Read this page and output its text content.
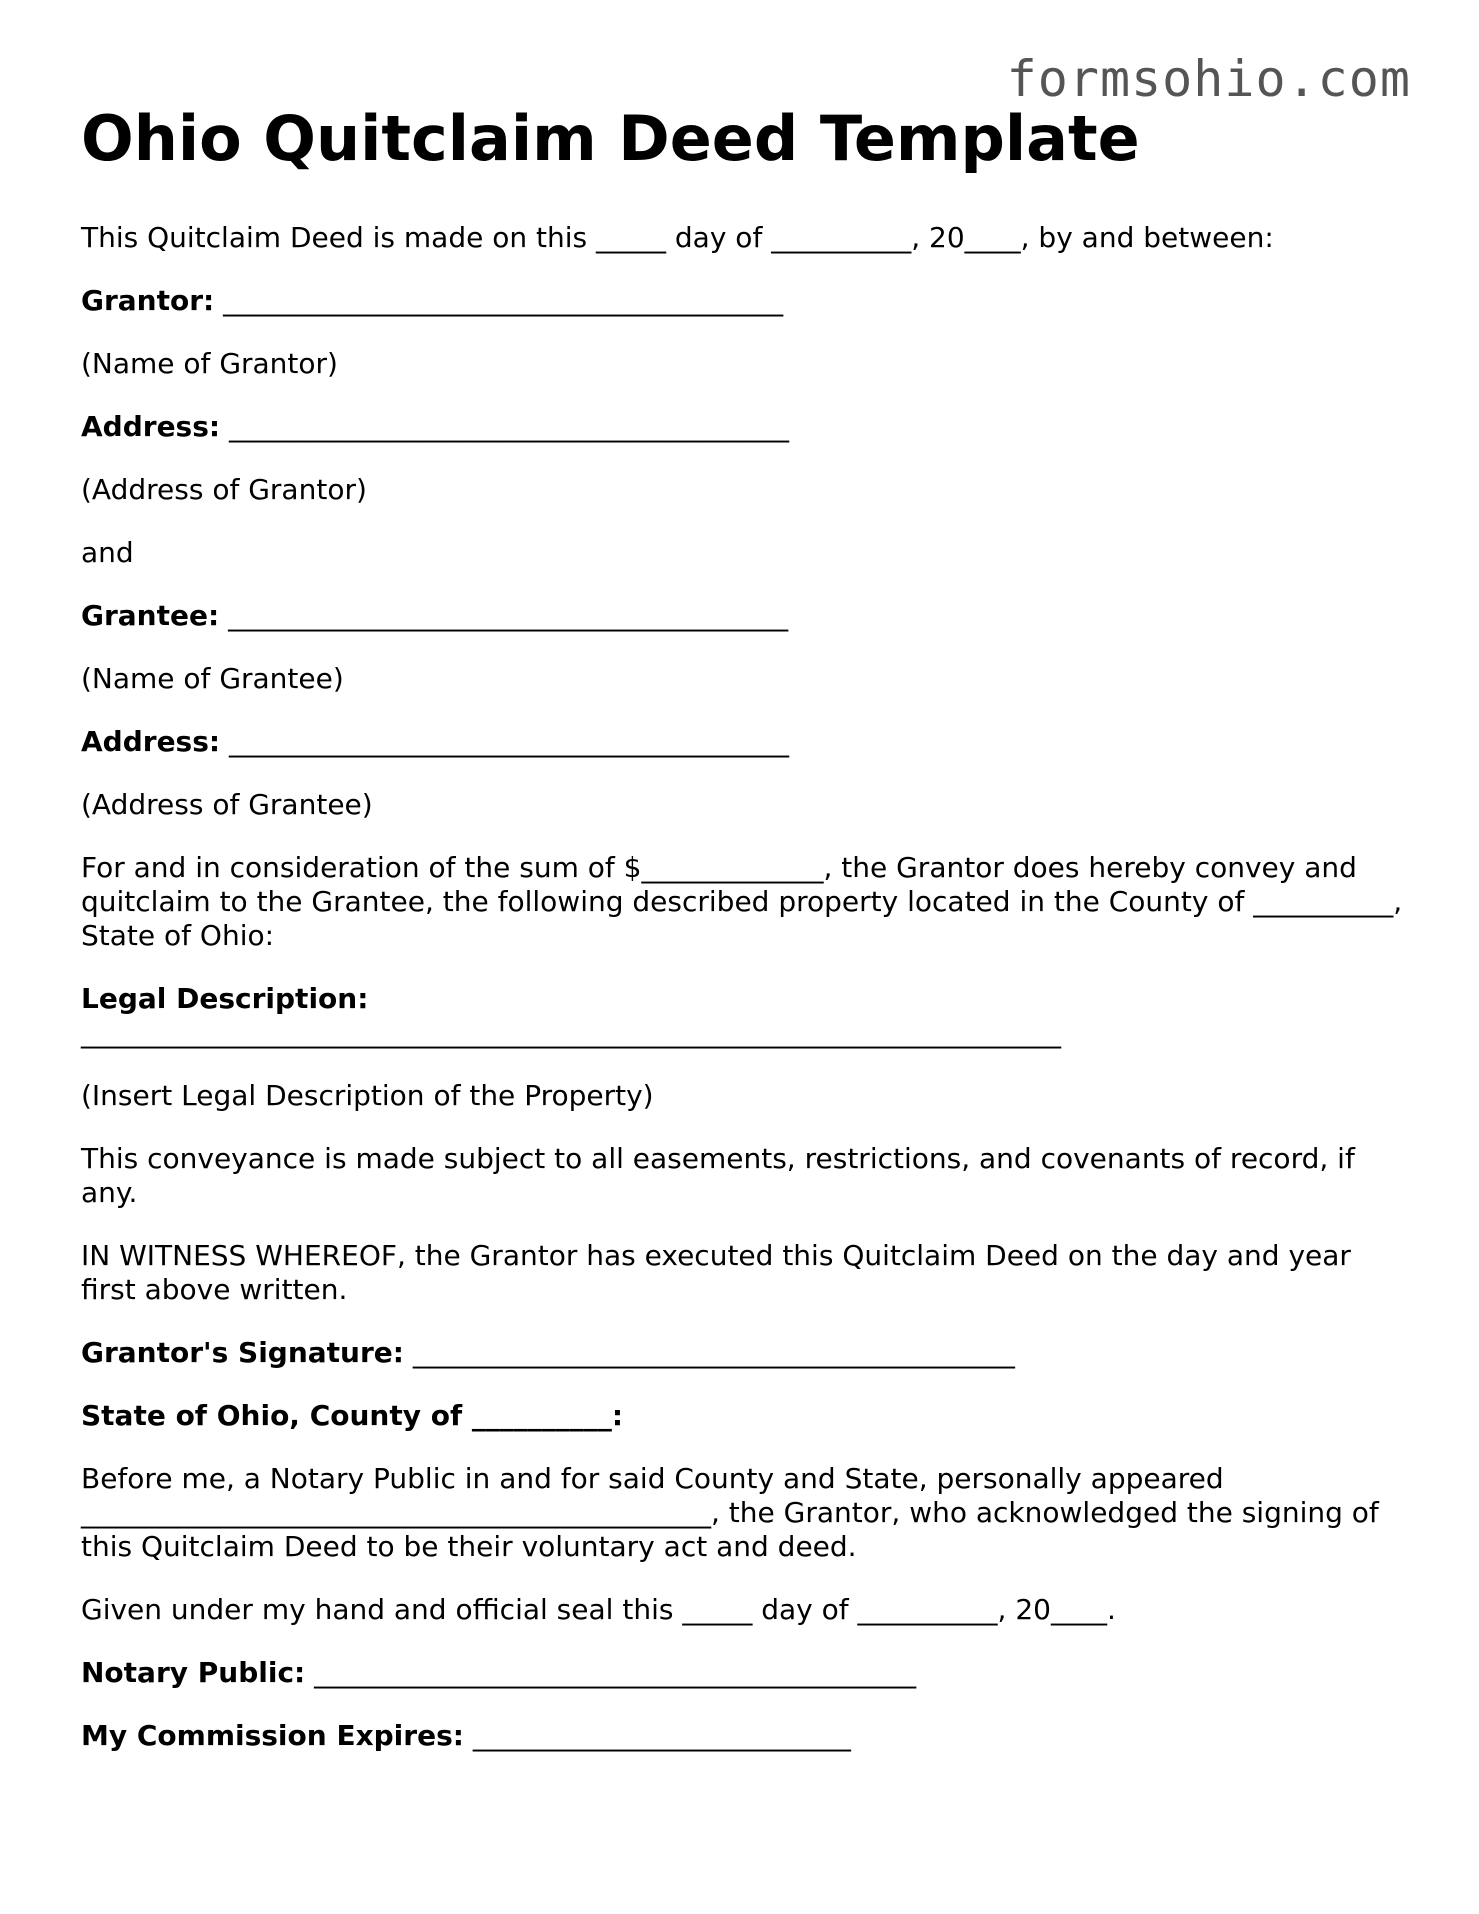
formsohio.com
Ohio Quitclaim Deed Template

This Quitclaim Deed is made on this _____ day of __________, 20____, by and between:

Grantor: ________________________________________

(Name of Grantor)

Address: ________________________________________

(Address of Grantor)

and

Grantee: ________________________________________

(Name of Grantee)

Address: ________________________________________

(Address of Grantee)

For and in consideration of the sum of $_____________, the Grantor does hereby convey and quitclaim to the Grantee, the following described property located in the County of __________, State of Ohio:

Legal Description:
______________________________________________________________________

(Insert Legal Description of the Property)

This conveyance is made subject to all easements, restrictions, and covenants of record, if any.

IN WITNESS WHEREOF, the Grantor has executed this Quitclaim Deed on the day and year first above written.

Grantor's Signature: ___________________________________________

State of Ohio, County of __________:

Before me, a Notary Public in and for said County and State, personally appeared _____________________________________________, the Grantor, who acknowledged the signing of this Quitclaim Deed to be their voluntary act and deed.

Given under my hand and official seal this _____ day of __________, 20____.

Notary Public: ___________________________________________

My Commission Expires: ___________________________
